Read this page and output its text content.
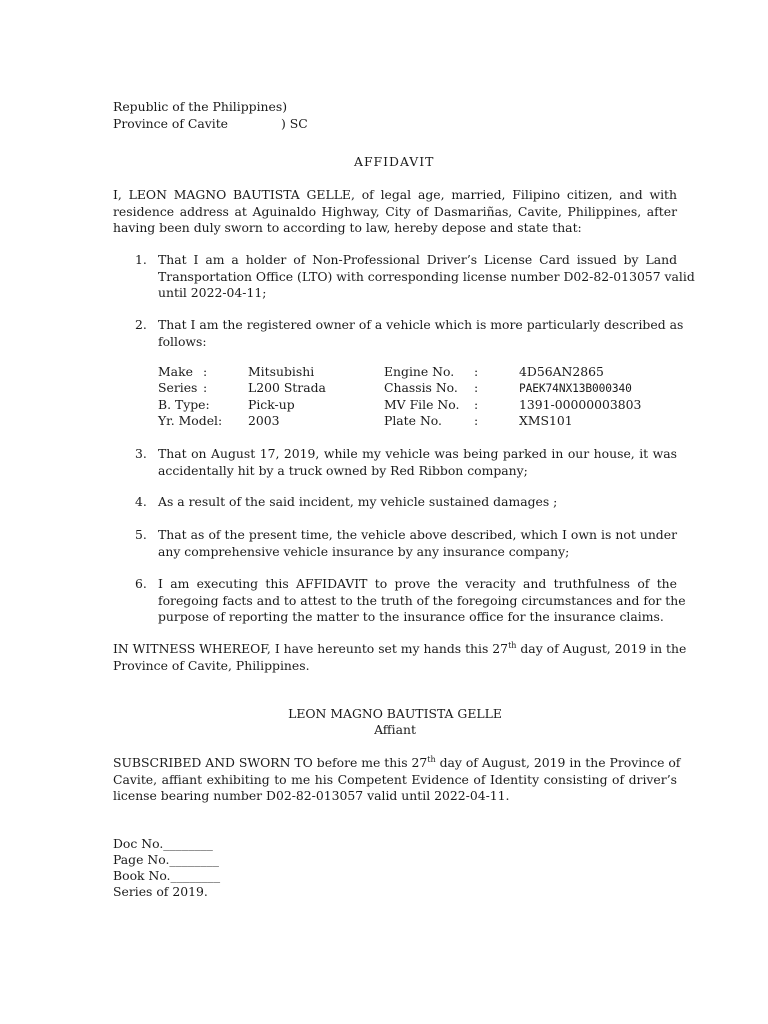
Republic of the Philippines)
Province of Cavite	) SC
AFFIDAVIT
I, LEON MAGNO BAUTISTA GELLE, of legal age, married, Filipino citizen, and with
residence address at Aguinaldo Highway, City of Dasmariñas, Cavite, Philippines, after
having been duly sworn to according to law, hereby depose and state that:
1. That I am a holder of Non-Professional Driver’s License Card issued by Land
Transportation Office (LTO) with corresponding license number D02-82-013057 valid
until 2022-04-11;
2. That I am the registered owner of a vehicle which is more particularly described as
follows:
Make :	Mitsubishi	Engine No. :	4D56AN2865
Series :	L200 Strada	Chassis No. :	PAEK74NX13B000340
B. Type:	Pick-up	MV File No. :	1391-00000003803
Yr. Model: 2003	Plate No.	:	XMS101
3. That on August 17, 2019, while my vehicle was being parked in our house, it was
accidentally hit by a truck owned by Red Ribbon company;
4. As a result of the said incident, my vehicle sustained damages ;
5. That as of the present time, the vehicle above described, which I own is not under
any comprehensive vehicle insurance by any insurance company;
6. I am executing this AFFIDAVIT to prove the veracity and truthfulness of the
foregoing facts and to attest to the truth of the foregoing circumstances and for the
purpose of reporting the matter to the insurance office for the insurance claims.
IN WITNESS WHEREOF, I have hereunto set my hands this 27th day of August, 2019 in the
Province of Cavite, Philippines.
LEON MAGNO BAUTISTA GELLE
Affiant
SUBSCRIBED AND SWORN TO before me this 27th day of August, 2019 in the Province of
Cavite, affiant exhibiting to me his Competent Evidence of Identity consisting of driver’s
license bearing number D02-82-013057 valid until 2022-04-11.
Doc No.________
Page No.________
Book No.________
Series of 2019.
